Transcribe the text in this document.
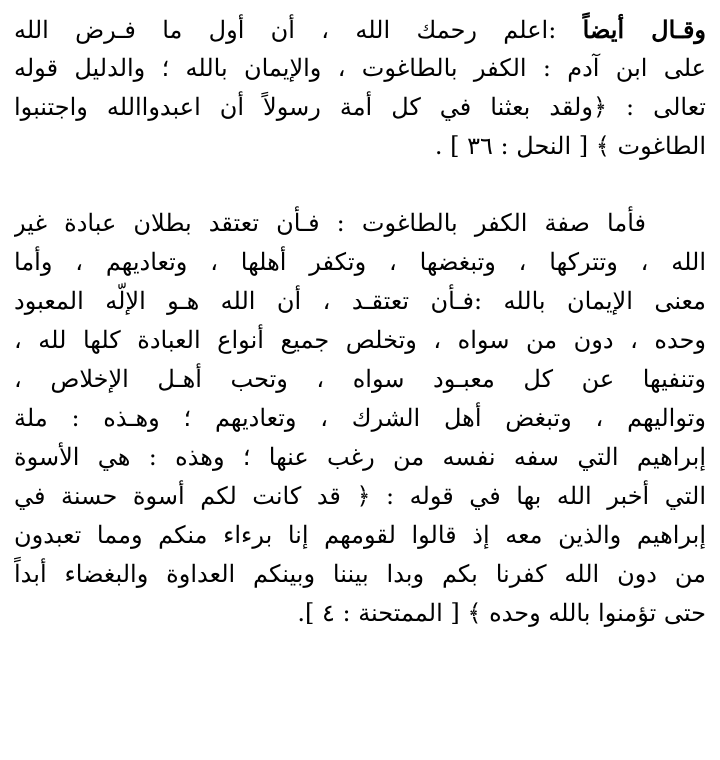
وقـال أيضاً :اعلم رحمك الله ، أن أول ما فـرض الله
على ابن آدم : الكفر بالطاغوت ، والإيمان بالله ؛ والدليل قوله
تعالى : ﴿ولقد بعثنا في كل أمة رسولاً أن اعبدواالله واجتنبوا
الطاغوت ﴾ [ النحل : ٣٦ ] .
فأما صفة الكفر بالطاغوت : فـأن تعتقد بطلان عبادة غير
الله ، وتتركها ، وتبغضها ، وتكفر أهلها ، وتعاديهم ، وأما
معنى الإيمان بالله :فـأن تعتقـد ، أن الله هـو الإلّه المعبود
وحده ، دون من سواه ، وتخلص جميع أنواع العبادة كلها لله ،
وتنفيها عن كل معبـود سواه ، وتحب أهـل الإخلاص ،
وتواليهم ، وتبغض أهل الشرك ، وتعاديهم ؛ وهـذه : ملة
إبراهيم التي سفه نفسه من رغب عنها ؛ وهذه : هي الأسوة
التي أخبر الله بها في قوله : ﴿ قد كانت لكم أسوة حسنة في
إبراهيم والذين معه إذ قالوا لقومهم إنا برءاء منكم ومما تعبدون
من دون الله كفرنا بكم وبدا بيننا وبينكم العداوة والبغضاء أبداً
حتى تؤمنوا بالله وحده ﴾ [ الممتحنة : ٤ ].
